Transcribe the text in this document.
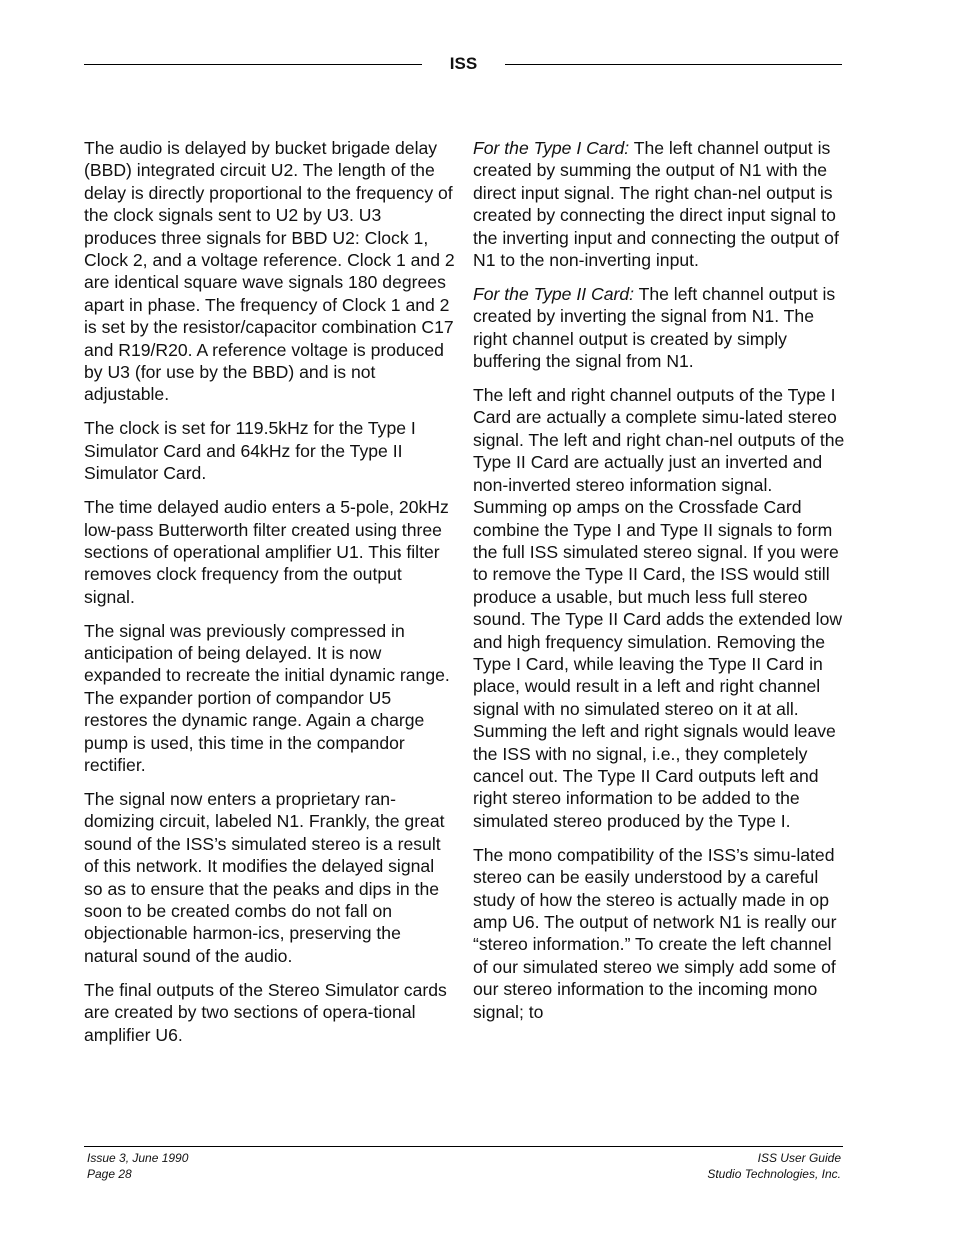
ISS

The audio is delayed by bucket brigade delay (BBD) integrated circuit U2. The length of the delay is directly proportional to the frequency of the clock signals sent to U2 by U3. U3 produces three signals for BBD U2: Clock 1, Clock 2, and a voltage reference. Clock 1 and 2 are identical square wave signals 180 degrees apart in phase. The frequency of Clock 1 and 2 is set by the resistor/capacitor combination C17 and R19/R20. A reference voltage is produced by U3 (for use by the BBD) and is not adjustable.

The clock is set for 119.5kHz for the Type I Simulator Card and 64kHz for the Type II Simulator Card.

The time delayed audio enters a 5-pole, 20kHz low-pass Butterworth filter created using three sections of operational amplifier U1. This filter removes clock frequency from the output signal.

The signal was previously compressed in anticipation of being delayed. It is now expanded to recreate the initial dynamic range. The expander portion of compandor U5 restores the dynamic range. Again a charge pump is used, this time in the compandor rectifier.

The signal now enters a proprietary ran-domizing circuit, labeled N1. Frankly, the great sound of the ISS’s simulated stereo is a result of this network. It modifies the delayed signal so as to ensure that the peaks and dips in the soon to be created combs do not fall on objectionable harmon-ics, preserving the natural sound of the audio.

The final outputs of the Stereo Simulator cards are created by two sections of opera-tional amplifier U6.

For the Type I Card: The left channel output is created by summing the output of N1 with the direct input signal. The right chan-nel output is created by connecting the direct input signal to the inverting input and connecting the output of N1 to the non-inverting input.

For the Type II Card: The left channel output is created by inverting the signal from N1. The right channel output is created by simply buffering the signal from N1.

The left and right channel outputs of the Type I Card are actually a complete simu-lated stereo signal. The left and right chan-nel outputs of the Type II Card are actually just an inverted and non-inverted stereo information signal. Summing op amps on the Crossfade Card combine the Type I and Type II signals to form the full ISS simulated stereo signal. If you were to remove the Type II Card, the ISS would still produce a usable, but much less full stereo sound. The Type II Card adds the extended low and high frequency simulation. Removing the Type I Card, while leaving the Type II Card in place, would result in a left and right channel signal with no simulated stereo on it at all. Summing the left and right signals would leave the ISS with no signal, i.e., they completely cancel out. The Type II Card outputs left and right stereo information to be added to the simulated stereo produced by the Type I.

The mono compatibility of the ISS’s simu-lated stereo can be easily understood by a careful study of how the stereo is actually made in op amp U6. The output of network N1 is really our “stereo information.” To create the left channel of our simulated stereo we simply add some of our stereo information to the incoming mono signal; to

Issue 3, June 1990
Page 28
ISS User Guide
Studio Technologies, Inc.
